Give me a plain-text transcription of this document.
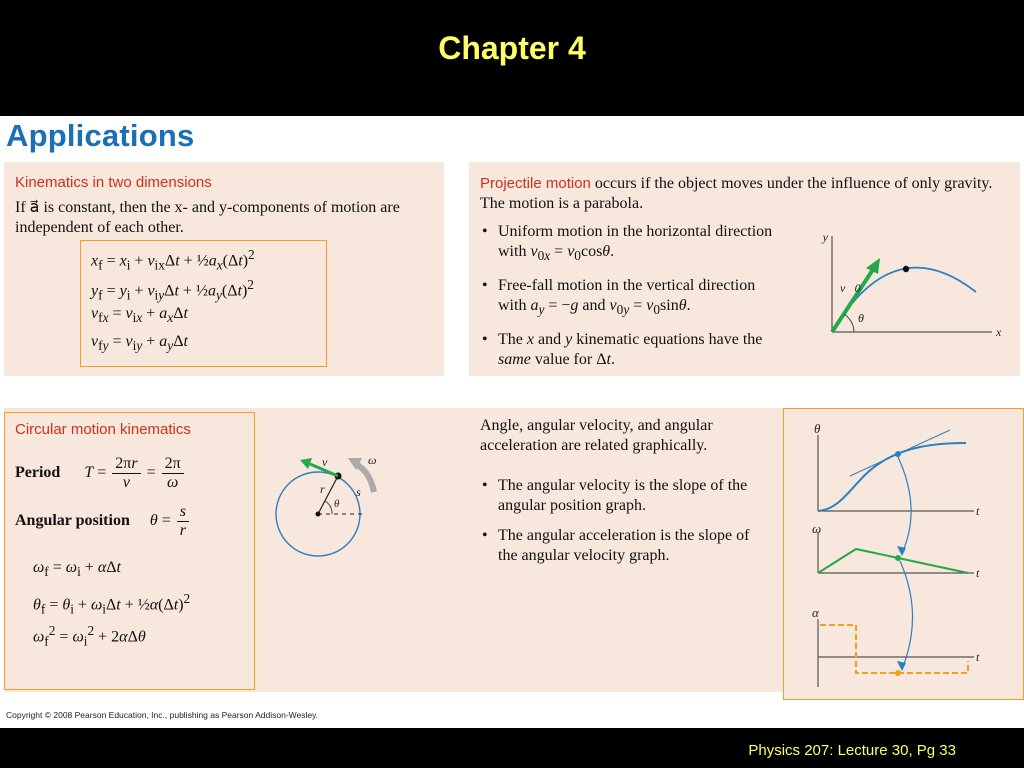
Chapter 4
Applications
Kinematics in two dimensions
If a⃗ is constant, then the x- and y-components of motion are independent of each other.
$x_f = x_i + v_{ix}\Delta t$ + $\frac{1}{2}a_x(\Delta t)^2$
$y_f = y_i + v_{iy}\Delta t$ + $\frac{1}{2}a_y(\Delta t)^2$
$v_{fx} = v_{ix} + a_x\Delta t$
$v_{fy} = v_{iy} + a_y\Delta t$
Projectile motion occurs if the object moves under the influence of only gravity. The motion is a parabola.
• Uniform motion in the horizontal direction with $v_{0x} = v_0\cos\theta$.
• Free-fall motion in the vertical direction with $a_y = -g$ and $v_{0y} = v_0\sin\theta$.
• The x and y kinematic equations have the same value for Δt.
y
x
θ
v⃗0
Circular motion kinematics
Period $T = \frac{2\pi r}{v} = \frac{2\pi}{\omega}$
Angular position $\theta = \frac{s}{r}$
$\omega_f = \omega_i + \alpha\Delta t$
$\theta_f = \theta_i + \omega_i\Delta t$ + $\frac{1}{2}\alpha(\Delta t)^2$
$\omega_f^2 = \omega_i^2 + 2\alpha\Delta\theta$
v⃗	ω
r	s
θ
Angle, angular velocity, and angular acceleration are related graphically.
• The angular velocity is the slope of the angular position graph.
• The angular acceleration is the slope of the angular velocity graph.
θ
t
ω
t
α
t
Copyright © 2008 Pearson Education, Inc., publishing as Pearson Addison-Wesley.
Physics 207: Lecture 30, Pg 33
